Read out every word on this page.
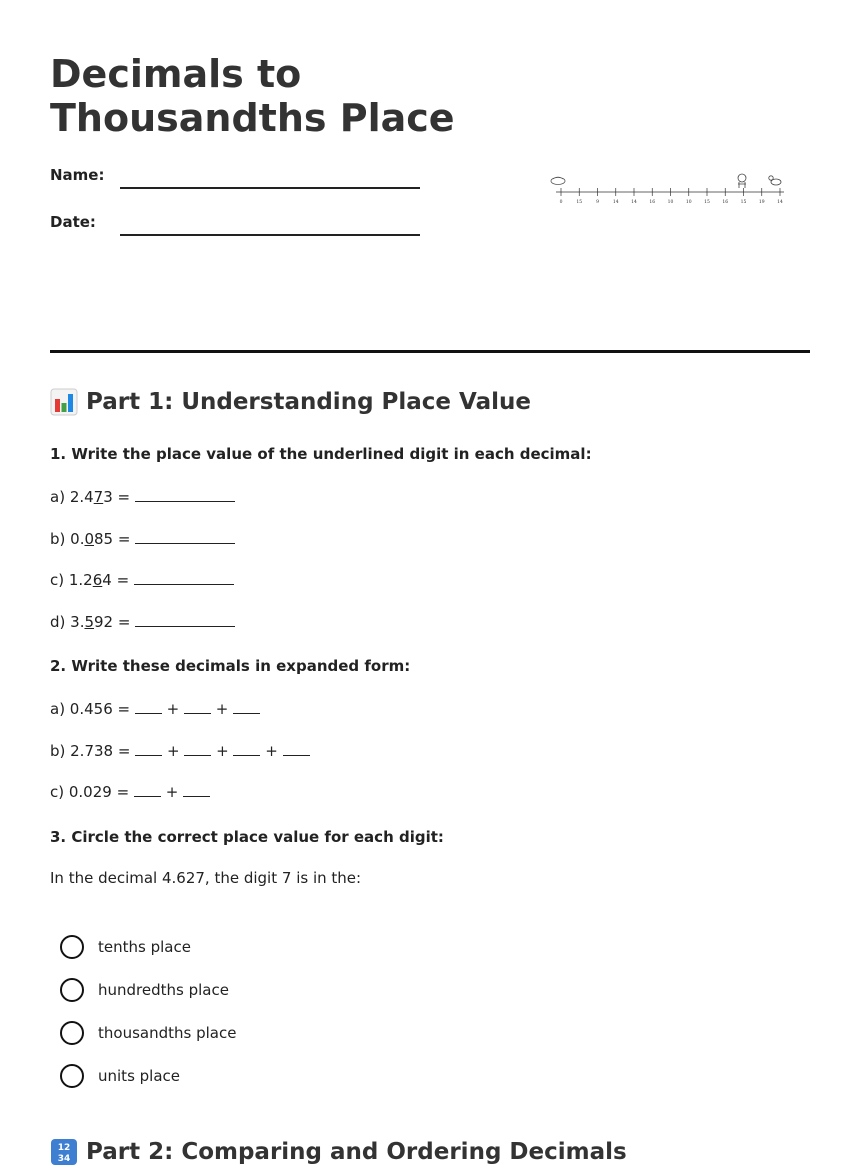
Decimals to Thousandths Place
Name:
Date:
0	15	9	14	14	16	10	10	15	16	15	19	14
Part 1: Understanding Place Value
1. Write the place value of the underlined digit in each decimal:
a) 2.473 =
b) 0.085 =
c) 1.264 =
d) 3.592 =
2. Write these decimals in expanded form:
a) 0.456 =  +  +
b) 2.738 =  +  +  +
c) 0.029 =  +
3. Circle the correct place value for each digit:
In the decimal 4.627, the digit 7 is in the:
tenths place
hundredths place
thousandths place
units place
12
34 Part 2: Comparing and Ordering Decimals
